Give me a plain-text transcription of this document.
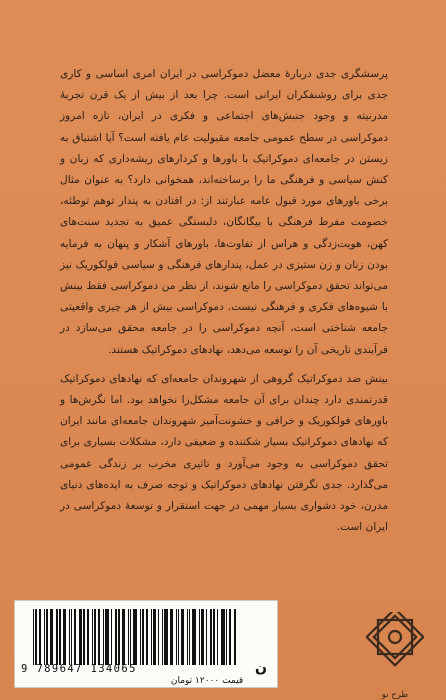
پرسشگری جدی دربارهٔ معضل دموکراسی در ایران امری اساسی و کاری جدی برای روشنفکران ایرانی است. چرا بعد از بیش از یک قرن تجربهٔ مدرنیته و وجود جنبش‌های اجتماعی و فکری در ایران، تازه امروز دموکراسی در سطح عمومی جامعه مقبولیت عام یافته است؟ آیا اشتیاق به زیستن در جامعه‌ای دموکراتیک با باورها و کردارهای ریشه‌داری که زبان و کنش سیاسی و فرهنگی ما را برساخته‌اند، همخوانی دارد؟ به عنوان مثال برخی باورهای مورد قبول عامه عبارتند از: در افتادن به پندار توهم توطئه، خصومت مفرط فرهنگی با بیگانگان، دلبستگی عمیق به تجدید سنت‌های کهن، هویت‌زدگی و هراس از تفاوت‌ها، باورهای آشکار و پنهان به فرمایه بودن زنان و زن ستیزی در عمل، پندارهای فرهنگی و سیاسی فولکوریک نیز می‌تواند تحقق دموکراسی را مانع شوند، از نظر من دموکراسی فقط بینش با شیوه‌های فکری و فرهنگی نیست. دموکراسی بیش از هر چیزی واقعیتی جامعه شناختی است، آنچه دموکراسی را در جامعه محقق می‌سازد در فرآیندی تاریخی آن را توسعه می‌دهد، نهادهای دموکراتیک هستند.

بینش ضد دموکراتیک گروهی از شهروندان جامعه‌ای که نهادهای دموکراتیک قدرتمندی دارد چندان برای آن جامعه مشکل‌زا نخواهد بود. اما نگرش‌ها و باورهای فولکوریک و خرافی و خشونت‌آمیز شهروندان جامعه‌ای مانند ایران که نهادهای دموکراتیک بسیار شکننده و ضعیفی دارد، مشکلات بسیاری برای تحقق دموکراسی به وجود می‌آورد و تاثیری مخرب بر زندگی عمومی می‌گذارد. جدی نگرفتن نهادهای دموکراتیک و توجه صرف به ایده‌های دنیای مدرن، خود دشواری بسیار مهمی در جهت استقرار و توسعهٔ دموکراسی در ایران است.

9 789647 134065	ن
قیمت ۱۲۰۰۰ تومان
طرح نو
